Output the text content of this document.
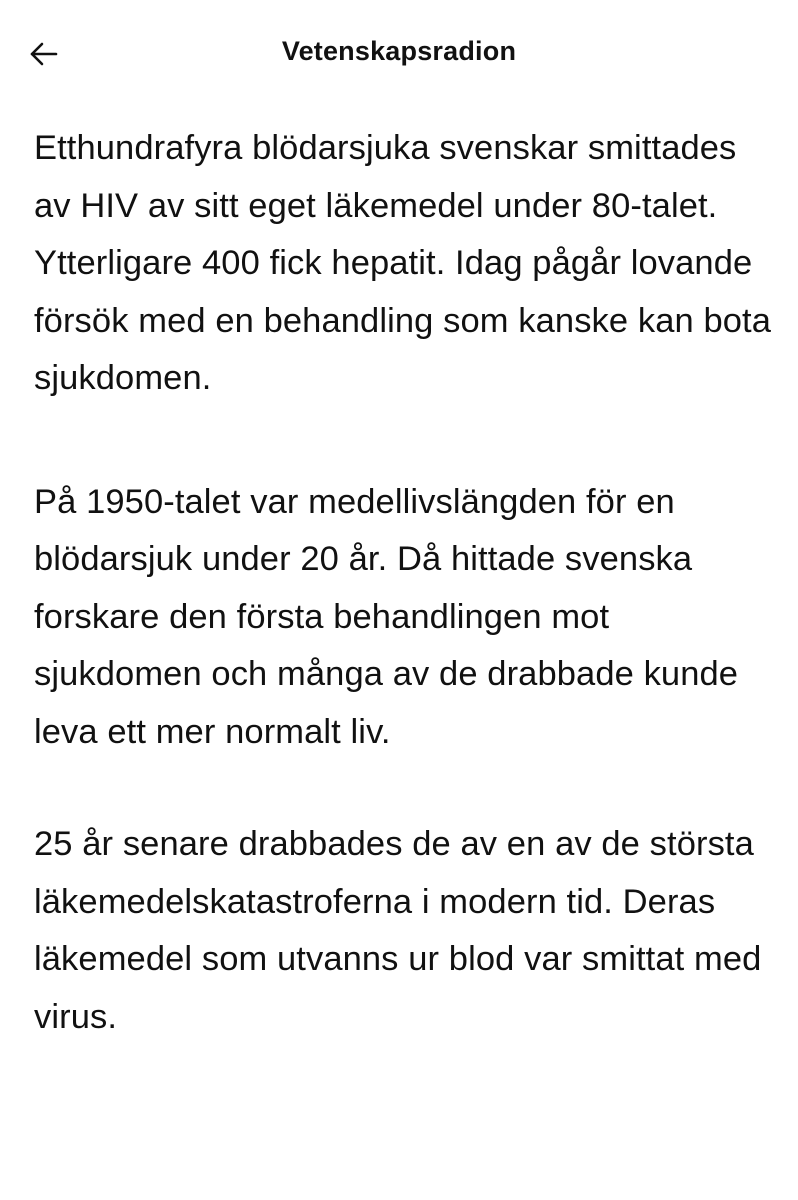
Vetenskapsradion

Etthundrafyra blödarsjuka svenskar smittades av HIV av sitt eget läkemedel under 80-talet. Ytterligare 400 fick hepatit. Idag pågår lovande försök med en behandling som kanske kan bota sjukdomen.

På 1950-talet var medellivslängden för en blödarsjuk under 20 år. Då hittade svenska forskare den första behandlingen mot sjukdomen och många av de drabbade kunde leva ett mer normalt liv.

25 år senare drabbades de av en av de största läkemedelskatastroferna i modern tid. Deras läkemedel som utvanns ur blod var smittat med virus.
